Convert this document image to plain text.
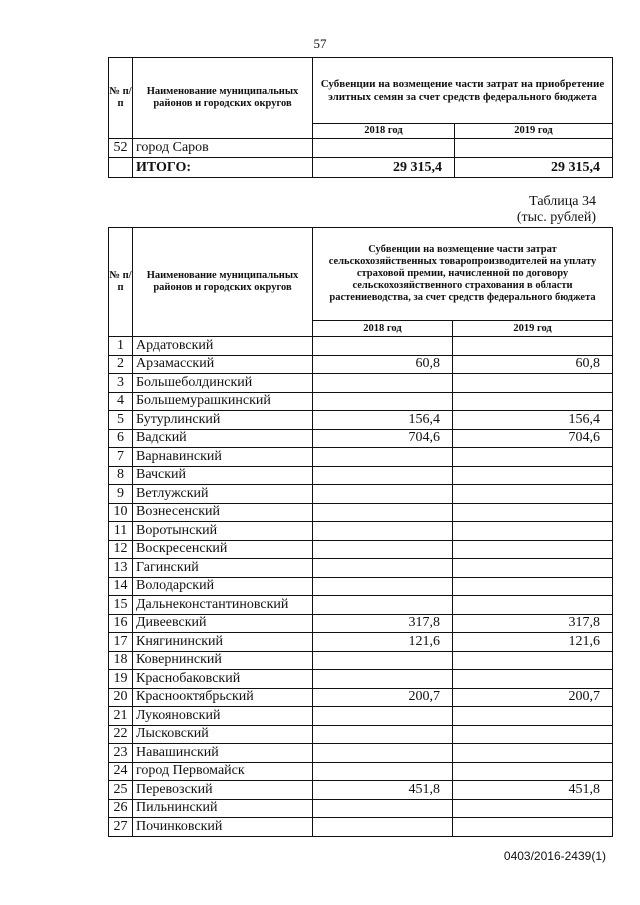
57
№ п/п	Наименование муниципальных районов и городских округов	Субвенции на возмещение части затрат на приобретение элитных семян за счет средств федерального бюджета	
		2018 год	2019 год
52	город Саров		
	ИТОГО:	29 315,4	29 315,4
Таблица 34
(тыс. рублей)
№ п/п	Наименование муниципальных районов и городских округов	Субвенции на возмещение части затрат сельскохозяйственных товаропроизводителей на уплату страховой премии, начисленной по договору сельскохозяйственного страхования в области растениеводства, за счет средств федерального бюджета	
		2018 год	2019 год
1	Ардатовский		
2	Арзамасский	60,8	60,8
3	Большеболдинский		
4	Большемурашкинский		
5	Бутурлинский	156,4	156,4
6	Вадский	704,6	704,6
7	Варнавинский		
8	Вачский		
9	Ветлужский		
10	Вознесенский		
11	Воротынский		
12	Воскресенский		
13	Гагинский		
14	Володарский		
15	Дальнеконстантиновский		
16	Дивеевский	317,8	317,8
17	Княгининский	121,6	121,6
18	Ковернинский		
19	Краснобаковский		
20	Краснооктябрьский	200,7	200,7
21	Лукояновский		
22	Лысковский		
23	Навашинский		
24	город Первомайск		
25	Перевозский	451,8	451,8
26	Пильнинский		
27	Починковский		
0403/2016-2439(1)
